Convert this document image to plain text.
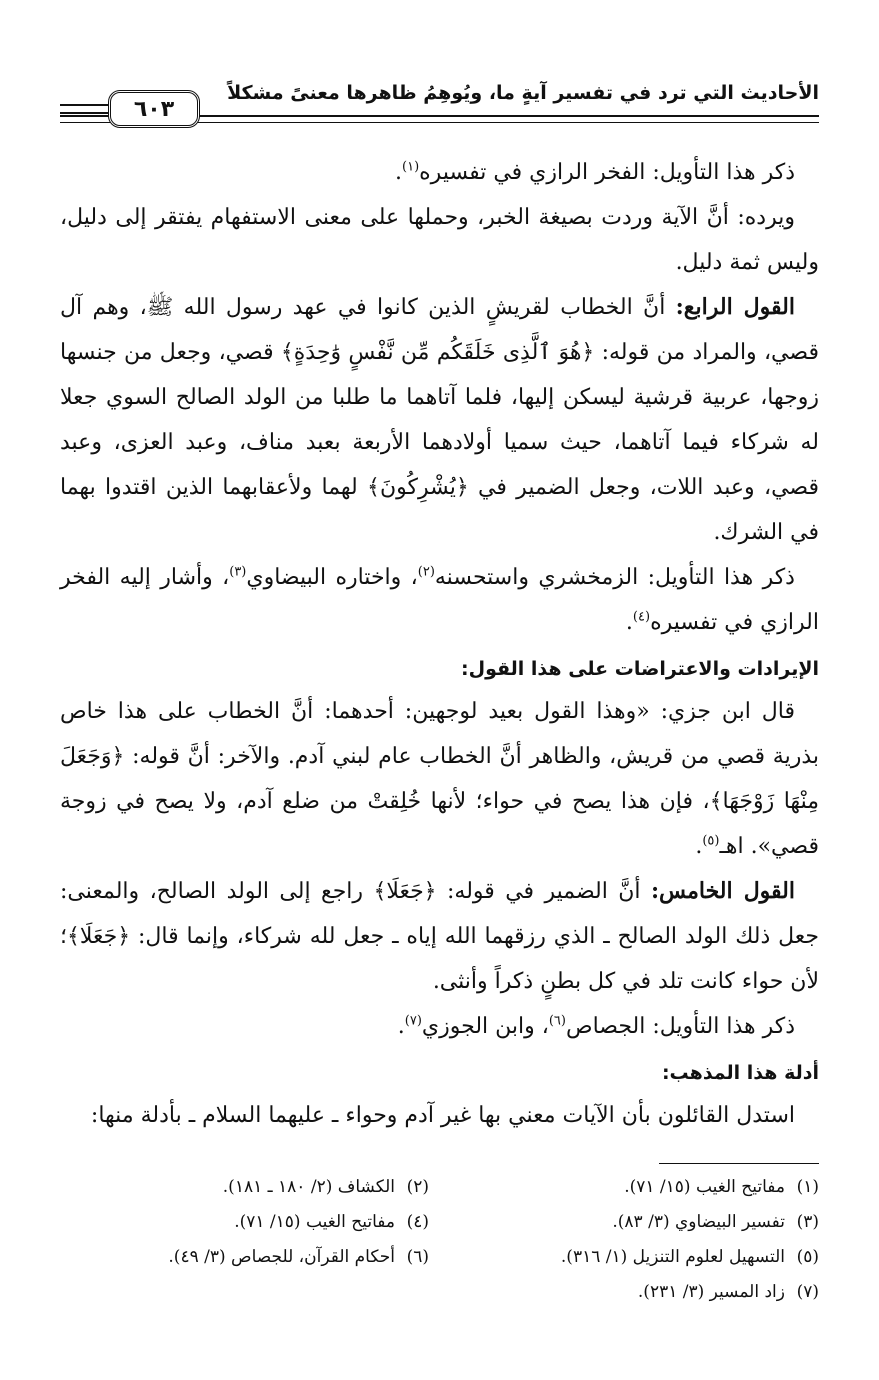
الأحاديث التي ترد في تفسير آيةٍ ما، ويُوهِمُ ظاهرها معنىً مشكلاً
٦٠٣

ذكر هذا التأويل: الفخر الرازي في تفسيره$^{(١)}$.

ويرده: أنَّ الآية وردت بصيغة الخبر، وحملها على معنى الاستفهام يفتقر إلى دليل، وليس ثمة دليل.

القول الرابع: أنَّ الخطاب لقريشٍ الذين كانوا في عهد رسول الله ﷺ، وهم آل قصي، والمراد من قوله: ﴿هُوَ ٱلَّذِى خَلَقَكُم مِّن نَّفْسٍ وَٰحِدَةٍ﴾ قصي، وجعل من جنسها زوجها، عربية قرشية ليسكن إليها، فلما آتاهما ما طلبا من الولد الصالح السوي جعلا له شركاء فيما آتاهما، حيث سميا أولادهما الأربعة بعبد مناف، وعبد العزى، وعبد قصي، وعبد اللات، وجعل الضمير في ﴿يُشْرِكُونَ﴾ لهما ولأعقابهما الذين اقتدوا بهما في الشرك.

ذكر هذا التأويل: الزمخشري واستحسنه$^{(٢)}$، واختاره البيضاوي$^{(٣)}$، وأشار إليه الفخر الرازي في تفسيره$^{(٤)}$.

الإيرادات والاعتراضات على هذا القول:

قال ابن جزي: «وهذا القول بعيد لوجهين: أحدهما: أنَّ الخطاب على هذا خاص بذرية قصي من قريش، والظاهر أنَّ الخطاب عام لبني آدم. والآخر: أنَّ قوله: ﴿وَجَعَلَ مِنْهَا زَوْجَهَا﴾، فإن هذا يصح في حواء؛ لأنها خُلِقتْ من ضلع آدم، ولا يصح في زوجة قصي». اهـ$^{(٥)}$.

القول الخامس: أنَّ الضمير في قوله: ﴿جَعَلَا﴾ راجع إلى الولد الصالح، والمعنى: جعل ذلك الولد الصالح ـ الذي رزقهما الله إياه ـ جعل لله شركاء، وإنما قال: ﴿جَعَلَا﴾؛ لأن حواء كانت تلد في كل بطنٍ ذكراً وأنثى.

ذكر هذا التأويل: الجصاص$^{(٦)}$، وابن الجوزي$^{(٧)}$.

أدلة هذا المذهب:

استدل القائلون بأن الآيات معني بها غير آدم وحواء ـ عليهما السلام ـ بأدلة منها:

(١)مفاتيح الغيب (١٥/ ٧١).
(٢)الكشاف (٢/ ١٨٠ ـ ١٨١).
(٣)تفسير البيضاوي (٣/ ٨٣).
(٤)مفاتيح الغيب (١٥/ ٧١).
(٥)التسهيل لعلوم التنزيل (١/ ٣١٦).
(٦)أحكام القرآن، للجصاص (٣/ ٤٩).
(٧)زاد المسير (٣/ ٢٣١).
